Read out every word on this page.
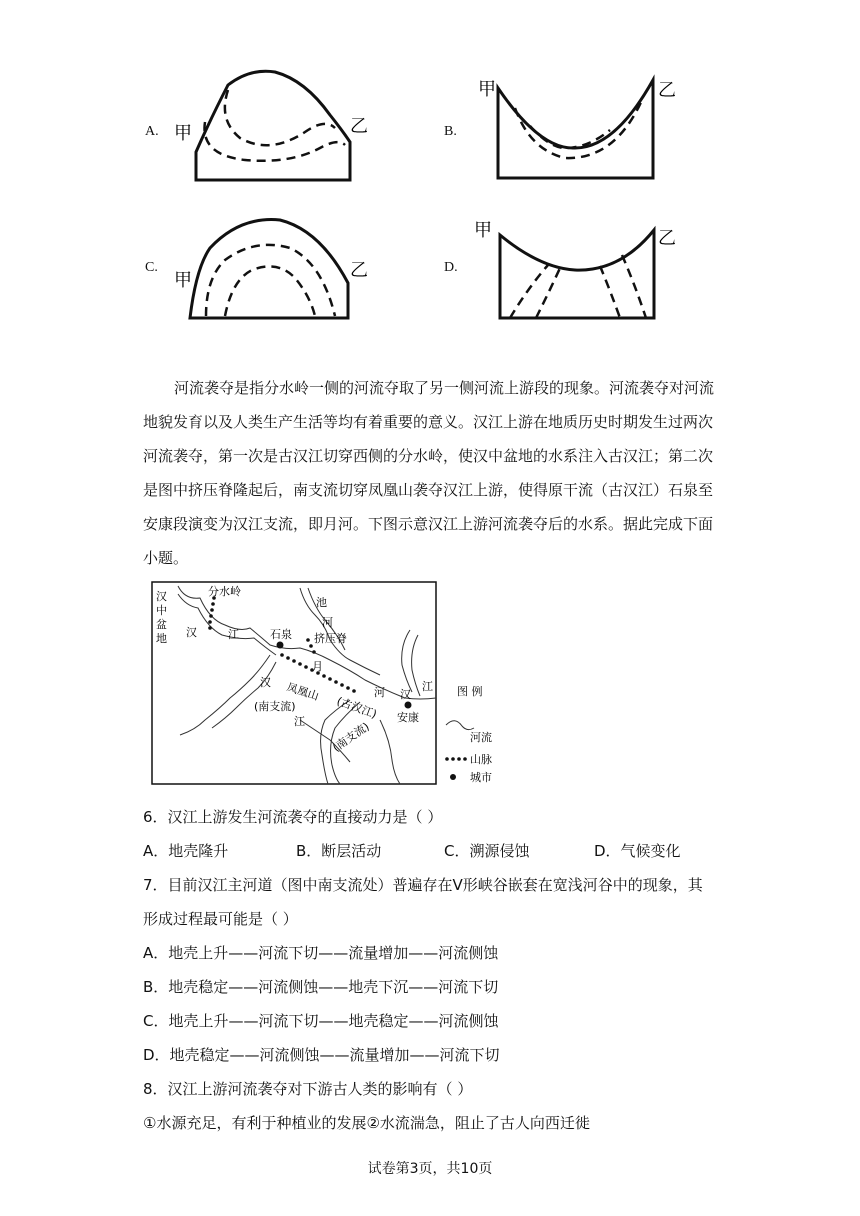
A.	B.
C.	D.
甲	乙
甲	乙
甲	乙
甲	乙
河流袭夺是指分水岭一侧的河流夺取了另一侧河流上游段的现象。河流袭夺对河流
地貌发育以及人类生产生活等均有着重要的意义。汉江上游在地质历史时期发生过两次
河流袭夺，第一次是古汉江切穿西侧的分水岭，使汉中盆地的水系注入古汉江；第二次
是图中挤压脊隆起后，南支流切穿凤凰山袭夺汉江上游，使得原干流（古汉江）石泉至
安康段演变为汉江支流，即月河。下图示意汉江上游河流袭夺后的水系。据此完成下面
小题。
汉
中
盆
地
分水岭
汉	江
池
河
石泉 挤压脊
月
汉 凤凰山
(古汉江)
河
(南支流)
江
汉
江
安康
(南支流)
图 例
河流
山脉
城市
6．汉江上游发生河流袭夺的直接动力是（ ）
A．地壳隆升	B．断层活动	C．溯源侵蚀	D．气候变化
7．目前汉江主河道（图中南支流处）普遍存在V形峡谷嵌套在宽浅河谷中的现象，其
形成过程最可能是（ ）
A．地壳上升——河流下切——流量增加——河流侧蚀
B．地壳稳定——河流侧蚀——地壳下沉——河流下切
C．地壳上升——河流下切——地壳稳定——河流侧蚀
D．地壳稳定——河流侧蚀——流量增加——河流下切
8．汉江上游河流袭夺对下游古人类的影响有（ ）
①水源充足，有利于种植业的发展②水流湍急，阻止了古人向西迁徙
试卷第3页，共10页
